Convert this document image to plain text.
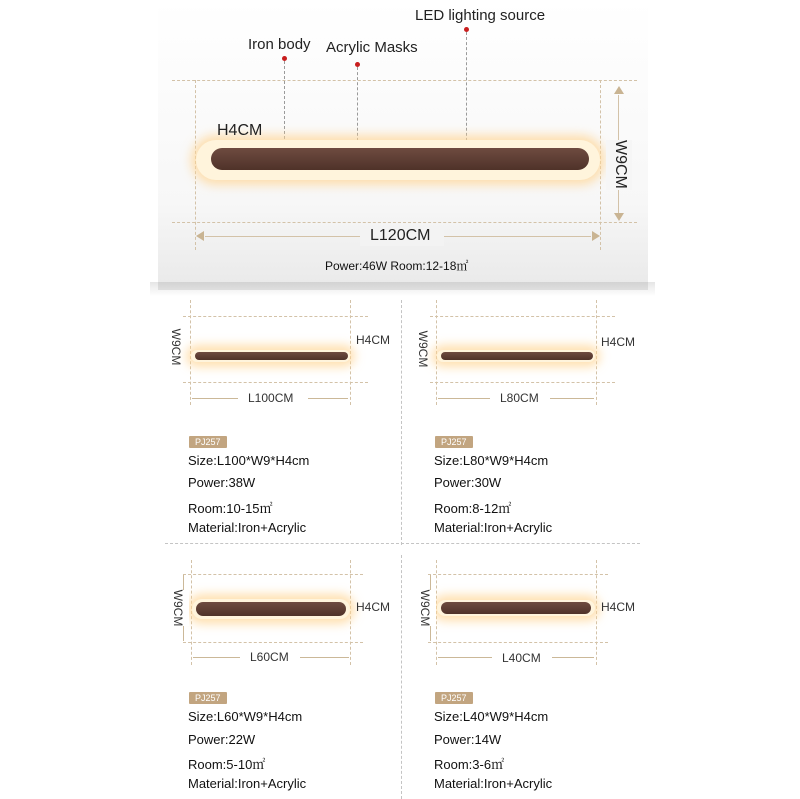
LED lighting source
Iron body Acrylic Masks
H4CM
W9CM
L120CM
Power:46W Room:12-18㎡
H4CM
W9CM
L100CM
PJ257
Size:L100*W9*H4cm
Power:38W
Room:10-15㎡
Material:Iron+Acrylic
H4CM
W9CM
L80CM
PJ257
Size:L80*W9*H4cm
Power:30W
Room:8-12㎡
Material:Iron+Acrylic
H4CM
W9CM
L60CM
PJ257
Size:L60*W9*H4cm
Power:22W
Room:5-10㎡
Material:Iron+Acrylic
H4CM
W9CM
L40CM
PJ257
Size:L40*W9*H4cm
Power:14W
Room:3-6㎡
Material:Iron+Acrylic
